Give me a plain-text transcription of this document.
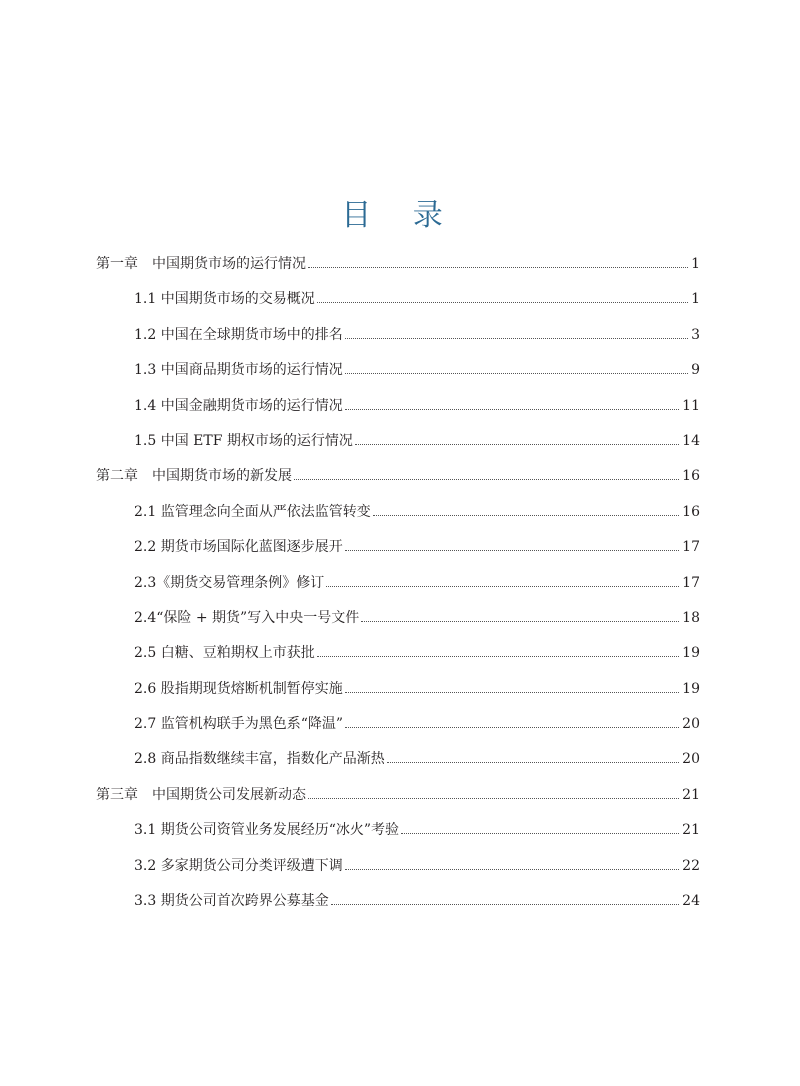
目 录
第一章　中国期货市场的运行情况	1
1.1 中国期货市场的交易概况	1
1.2 中国在全球期货市场中的排名	3
1.3 中国商品期货市场的运行情况	9
1.4 中国金融期货市场的运行情况	11
1.5 中国 ETF 期权市场的运行情况	14
第二章　中国期货市场的新发展	16
2.1 监管理念向全面从严依法监管转变	16
2.2 期货市场国际化蓝图逐步展开	17
2.3《期货交易管理条例》修订	17
2.4“保险 + 期货”写入中央一号文件	18
2.5 白糖、豆粕期权上市获批	19
2.6 股指期现货熔断机制暂停实施	19
2.7 监管机构联手为黑色系“降温”	20
2.8 商品指数继续丰富，指数化产品渐热	20
第三章　中国期货公司发展新动态	21
3.1 期货公司资管业务发展经历“冰火”考验	21
3.2 多家期货公司分类评级遭下调	22
3.3 期货公司首次跨界公募基金	24
